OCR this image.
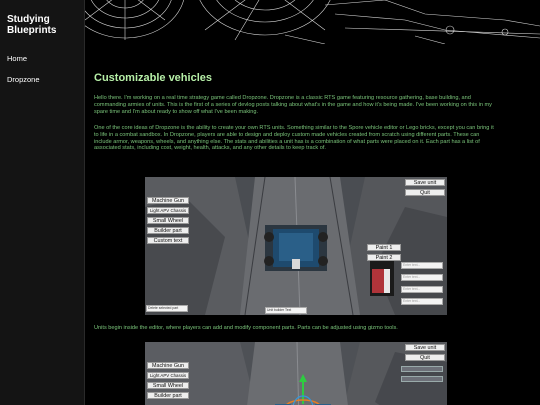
Studying
Blueprints
Home
Dropzone	Customizable vehicles

Hello there. I'm working on a real time strategy game called Dropzone. Dropzone is a classic RTS game featuring resource gathering, base building, and commanding armies of units. This is the first of a series of devlog posts talking about what's in the game and how it's being made. I've been working on this in my spare time and I'm about ready to show off what I've been making.

One of the core ideas of Dropzone is the ability to create your own RTS units. Something similar to the Spore vehicle editor or Lego bricks, except you can bring it to life in a combat sandbox. In Dropzone, players are able to design and deploy custom made vehicles created from scratch using different parts. These can include armor, weapons, wheels, and anything else. The stats and abilities a unit has is a combination of what parts were placed on it. Each part has a list of associated stats, including cost, weight, health, attacks, and any other details to keep track of.

Machine Gun
Light APV Chassis
Small Wheel
Builder part
Custom text
Save unit
Quit
Paint 1
Paint 2
Enter text...
Enter text...
Enter text...
Enter text...
Delete selected part	Unit builder Text

Units begin inside the editor, where players can add and modify component parts. Parts can be adjusted using gizmo tools.

Machine Gun
Light APV Chassis
Small Wheel
Builder part
Save unit
Quit
